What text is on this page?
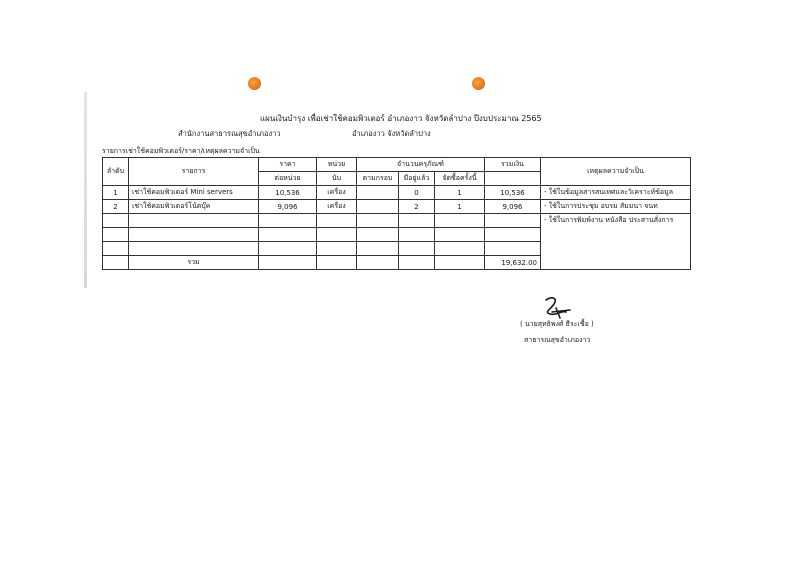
แผนเงินบำรุง เพื่อเช่าใช้คอมพิวเตอร์ อำเภองาว จังหวัดลำปาง ปีงบประมาณ 2565
สำนักงานสาธารณสุขอำเภองาว	อำเภองาว จังหวัดลำปาง
รายการเช่าใช้คอมพิวเตอร์/ราคา/เหตุผลความจำเป็น
ลำดับ	รายการ	ราคา	หน่วย	จำนวนครุภัณฑ์			รวมเงิน	เหตุผลความจำเป็น
		ต่อหน่วย	นับ	ตามกรอบ	มีอยู่แล้ว	จัดซื้อครั้งนี้		
1	เช่าใช้คอมพิวเตอร์ Mini servers	10,536	เครื่อง		0	1	10,536	- ใช้ในข้อมูลสารสนเทศและวิเคราะห์ข้อมูล
2	เช่าใช้คอมพิวเตอร์โน้ตบุ๊ค	9,096	เครื่อง		2	1	9,096	- ใช้ในการประชุม อบรม สัมมนา จนท
								- ใช้ในการพิมพ์งาน หนังสือ ประสานสั่งการ

	รวม						19,632.00	
( นายสุทธิพงศ์ ธีระเชื้อ )
สาธารณสุขอำเภองาว
